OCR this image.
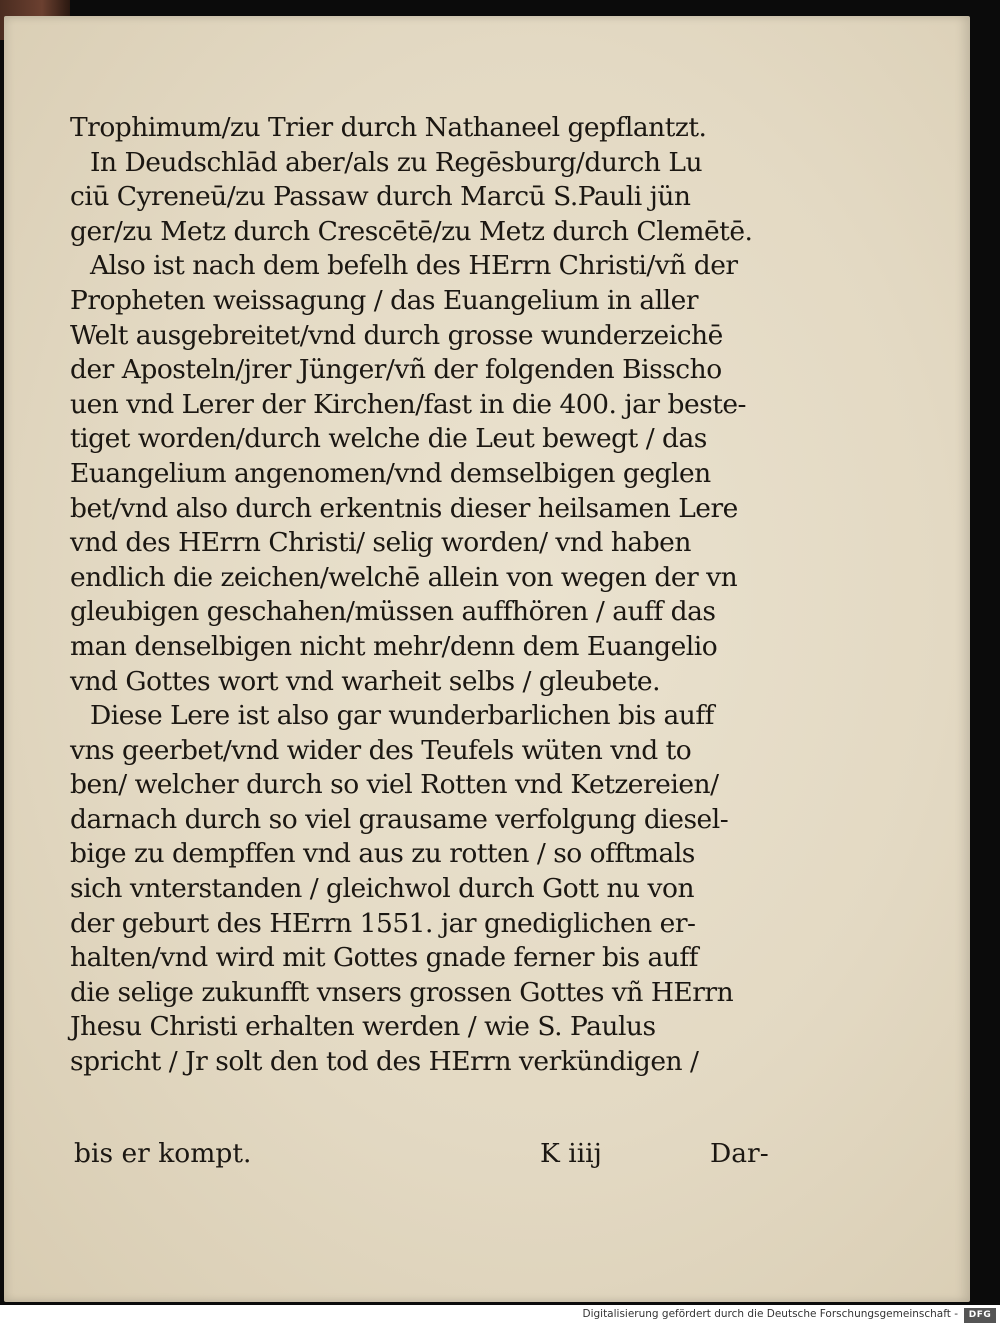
Trophimum/zu Trier durch Nathaneel gepflantzt.
In Deudschlād aber/als zu Regēsburg/durch Lu
ciū Cyreneū/zu Passaw durch Marcū S.Pauli jün
ger/zu Metz durch Crescētē/zu Metz durch Clemētē.
Also ist nach dem befelh des HErrn Christi/vñ der
Propheten weissagung / das Euangelium in aller
Welt ausgebreitet/vnd durch grosse wunderzeichē
der Aposteln/jrer Jünger/vñ der folgenden Bisscho
uen vnd Lerer der Kirchen/fast in die 400. jar beste-
tiget worden/durch welche die Leut bewegt / das
Euangelium angenomen/vnd demselbigen geglen
bet/vnd also durch erkentnis dieser heilsamen Lere
vnd des HErrn Christi/ selig worden/ vnd haben
endlich die zeichen/welchē allein von wegen der vn
gleubigen geschahen/müssen auffhören / auff das
man denselbigen nicht mehr/denn dem Euangelio
vnd Gottes wort vnd warheit selbs / gleubete.
Diese Lere ist also gar wunderbarlichen bis auff
vns geerbet/vnd wider des Teufels wüten vnd to
ben/ welcher durch so viel Rotten vnd Ketzereien/
darnach durch so viel grausame verfolgung diesel-
bige zu dempffen vnd aus zu rotten / so offtmals
sich vnterstanden / gleichwol durch Gott nu von
der geburt des HErrn 1551. jar gnediglichen er-
halten/vnd wird mit Gottes gnade ferner bis auff
die selige zukunfft vnsers grossen Gottes vñ HErrn
Jhesu Christi erhalten werden / wie S. Paulus
spricht / Jr solt den tod des HErrn verkündigen /
bis er kompt.	K iiij	Dar-
Digitalisierung gefördert durch die Deutsche Forschungsgemeinschaft -	DFG
